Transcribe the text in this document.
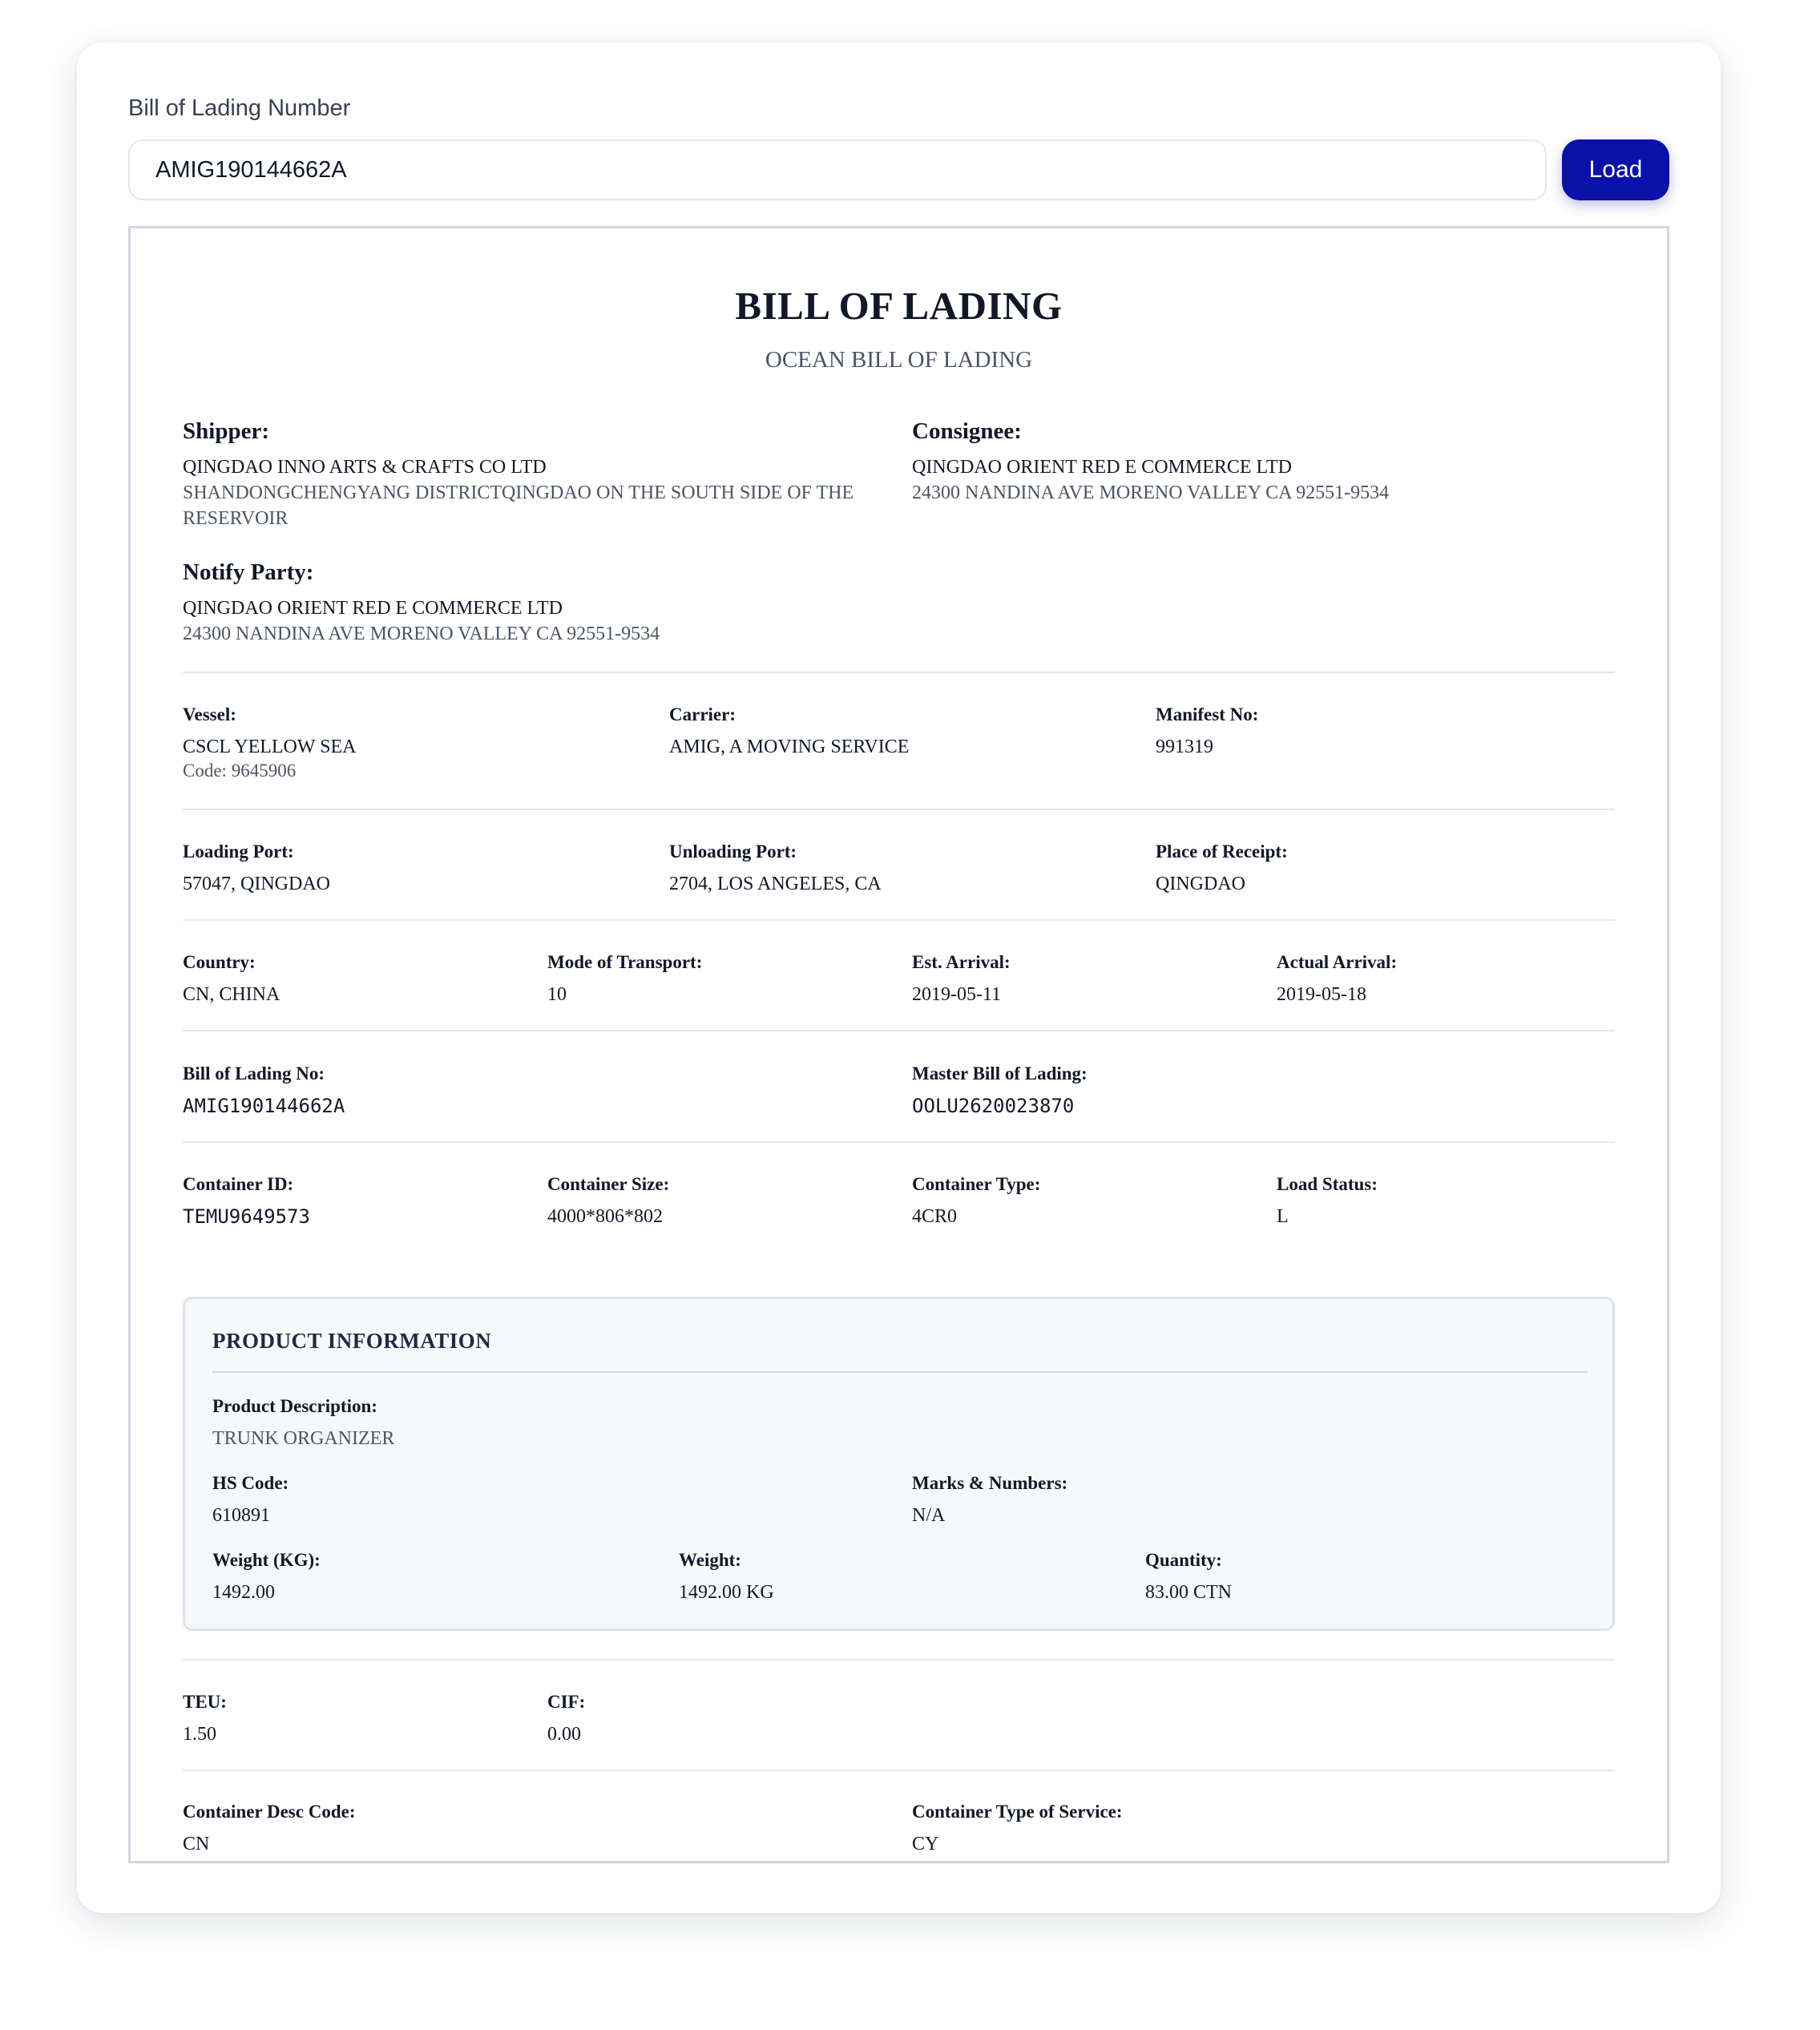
Bill of Lading Number
AMIG190144662A
Load
BILL OF LADING
OCEAN BILL OF LADING
Shipper:
QINGDAO INNO ARTS & CRAFTS CO LTD
SHANDONGCHENGYANG DISTRICTQINGDAO ON THE SOUTH SIDE OF THE RESERVOIR
Consignee:
QINGDAO ORIENT RED E COMMERCE LTD
24300 NANDINA AVE MORENO VALLEY CA 92551-9534
Notify Party:
QINGDAO ORIENT RED E COMMERCE LTD
24300 NANDINA AVE MORENO VALLEY CA 92551-9534
Vessel:
CSCL YELLOW SEA
Code: 9645906
Carrier:
AMIG, A MOVING SERVICE
Manifest No:
991319
Loading Port:
57047, QINGDAO
Unloading Port:
2704, LOS ANGELES, CA
Place of Receipt:
QINGDAO
Country:
CN, CHINA
Mode of Transport:
10
Est. Arrival:
2019-05-11
Actual Arrival:
2019-05-18
Bill of Lading No:
AMIG190144662A
Master Bill of Lading:
OOLU2620023870
Container ID:
TEMU9649573
Container Size:
4000*806*802
Container Type:
4CR0
Load Status:
L
PRODUCT INFORMATION
Product Description:
TRUNK ORGANIZER
HS Code:
610891
Marks & Numbers:
N/A
Weight (KG):
1492.00
Weight:
1492.00 KG
Quantity:
83.00 CTN
TEU:
1.50
CIF:
0.00
Container Desc Code:
CN
Container Type of Service:
CY
